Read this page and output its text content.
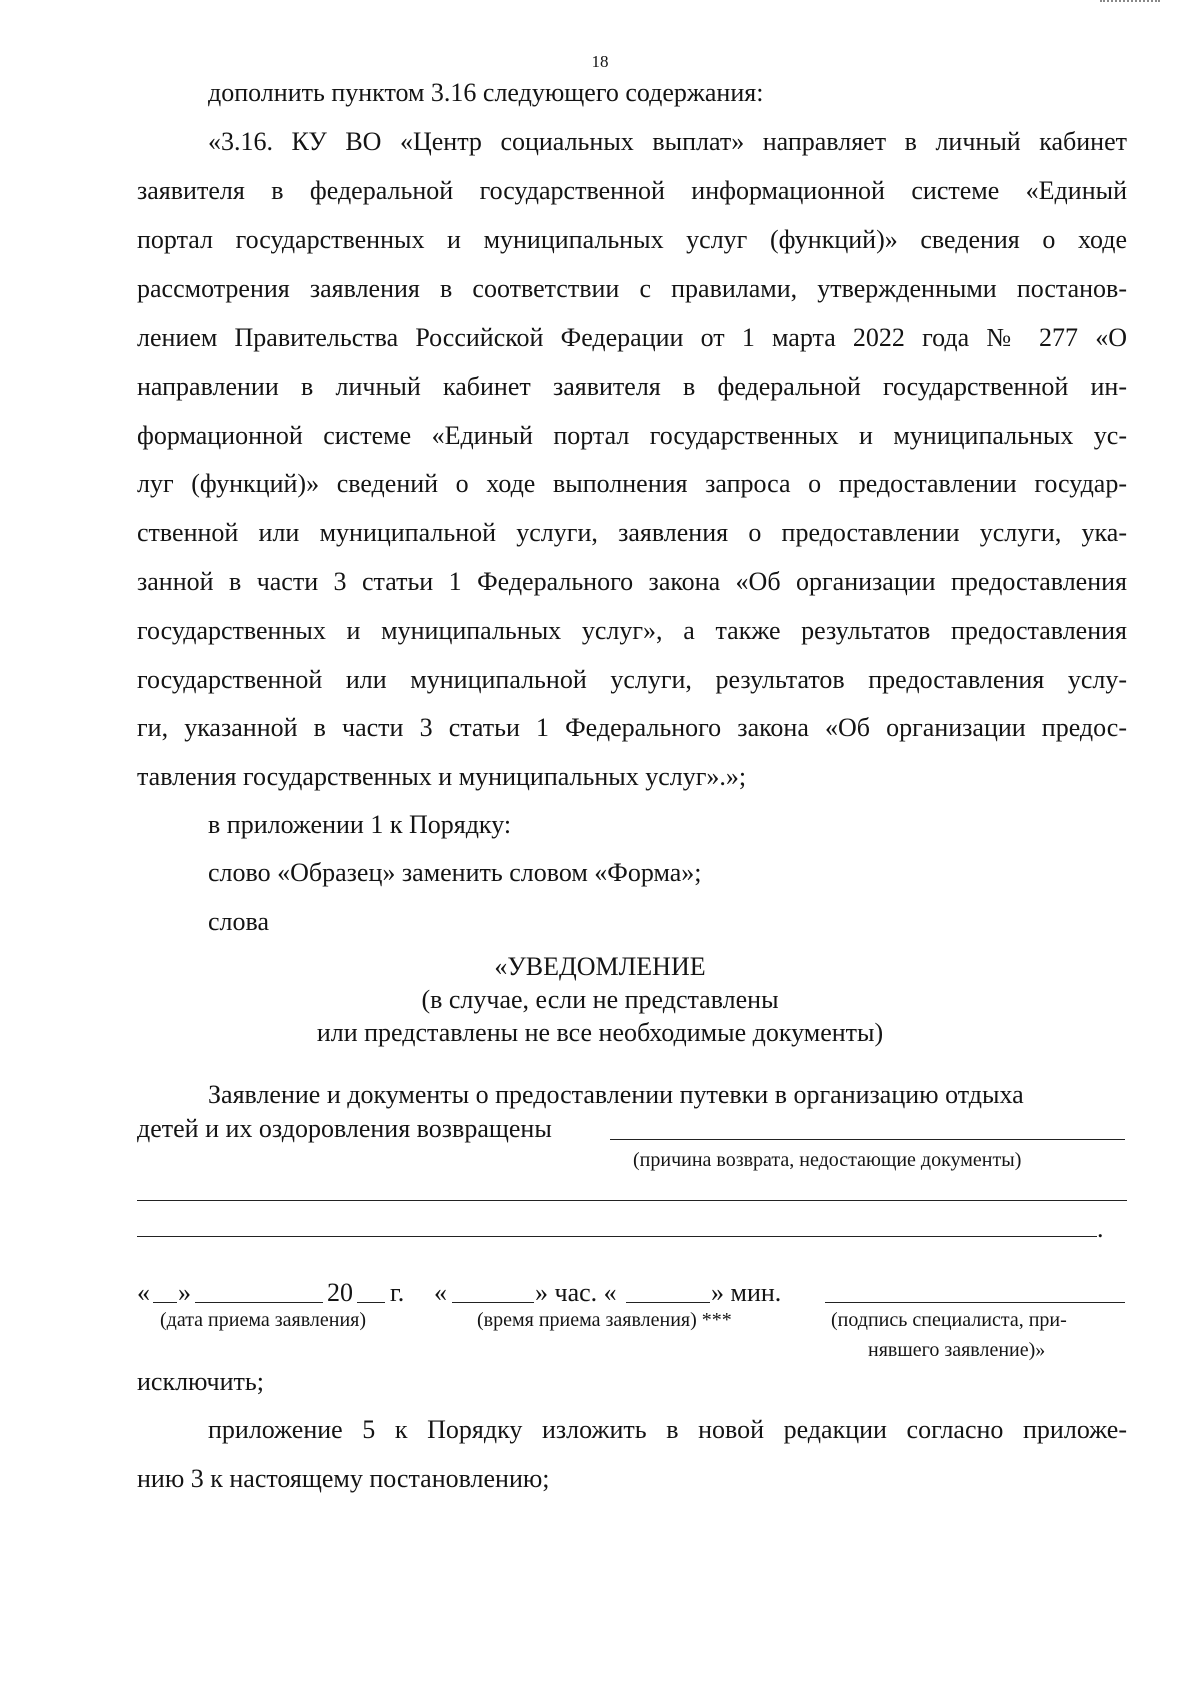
18
дополнить пунктом 3.16 следующего содержания:
«3.16. КУ ВО «Центр социальных выплат» направляет в личный кабинет
заявителя в федеральной государственной информационной системе «Единый
портал государственных и муниципальных услуг (функций)» сведения о ходе
рассмотрения заявления в соответствии с правилами, утвержденными постанов-
лением Правительства Российской Федерации от 1 марта 2022 года № 277 «О
направлении в личный кабинет заявителя в федеральной государственной ин-
формационной системе «Единый портал государственных и муниципальных ус-
луг (функций)» сведений о ходе выполнения запроса о предоставлении государ-
ственной или муниципальной услуги, заявления о предоставлении услуги, ука-
занной в части 3 статьи 1 Федерального закона «Об организации предоставления
государственных и муниципальных услуг», а также результатов предоставления
государственной или муниципальной услуги, результатов предоставления услу-
ги, указанной в части 3 статьи 1 Федерального закона «Об организации предос-
тавления государственных и муниципальных услуг».»;
в приложении 1 к Порядку:
слово «Образец» заменить словом «Форма»;
слова
«УВЕДОМЛЕНИЕ
(в случае, если не представлены
или представлены не все необходимые документы)
Заявление и документы о предоставлении путевки в организацию отдыха
детей и их оздоровления возвращены
(причина возврата, недостающие документы)
.
« »	20 г. «	» час. «	» мин.
(дата приема заявления)	(время приема заявления) ***	(подпись специалиста, при-
нявшего заявление)»
исключить;
приложение 5 к Порядку изложить в новой редакции согласно приложе-
нию 3 к настоящему постановлению;
